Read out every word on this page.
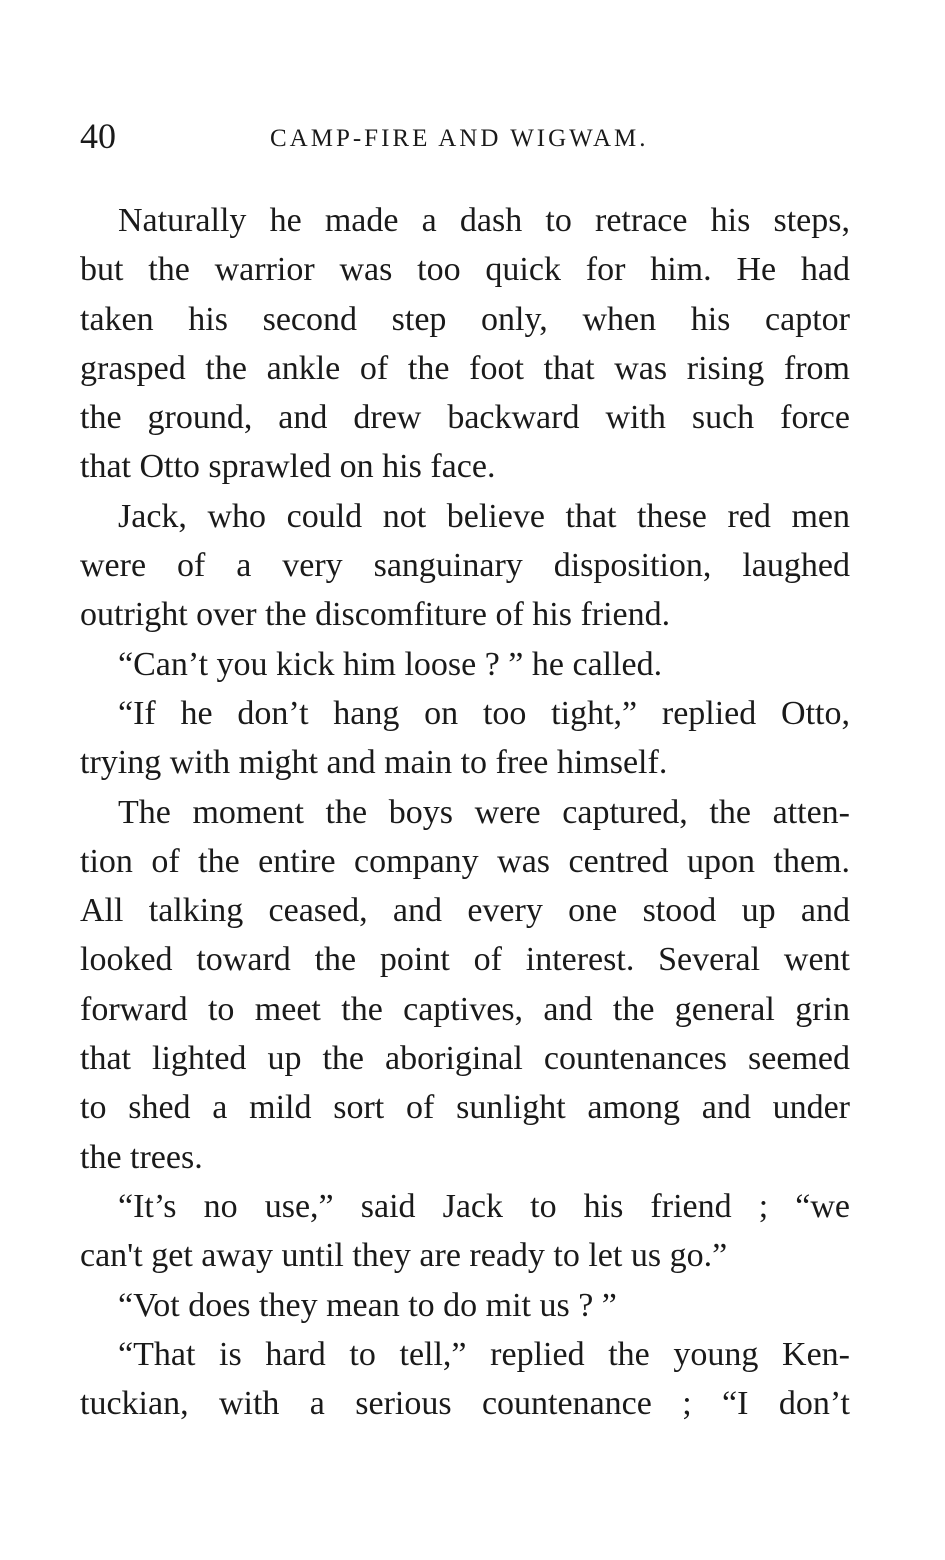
40	CAMP-FIRE AND WIGWAM.
Naturally he made a dash to retrace his steps,
but the warrior was too quick for him. He had
taken his second step only, when his captor
grasped the ankle of the foot that was rising from
the ground, and drew backward with such force
that Otto sprawled on his face.
Jack, who could not believe that these red men
were of a very sanguinary disposition, laughed
outright over the discomfiture of his friend.
“Can’t you kick him loose ? ” he called.
“If he don’t hang on too tight,” replied Otto,
trying with might and main to free himself.
The moment the boys were captured, the atten-
tion of the entire company was centred upon them.
All talking ceased, and every one stood up and
looked toward the point of interest. Several went
forward to meet the captives, and the general grin
that lighted up the aboriginal countenances seemed
to shed a mild sort of sunlight among and under
the trees.
“It’s no use,” said Jack to his friend ; “we
can't get away until they are ready to let us go.”
“Vot does they mean to do mit us ? ”
“That is hard to tell,” replied the young Ken-
tuckian, with a serious countenance ; “I don’t
